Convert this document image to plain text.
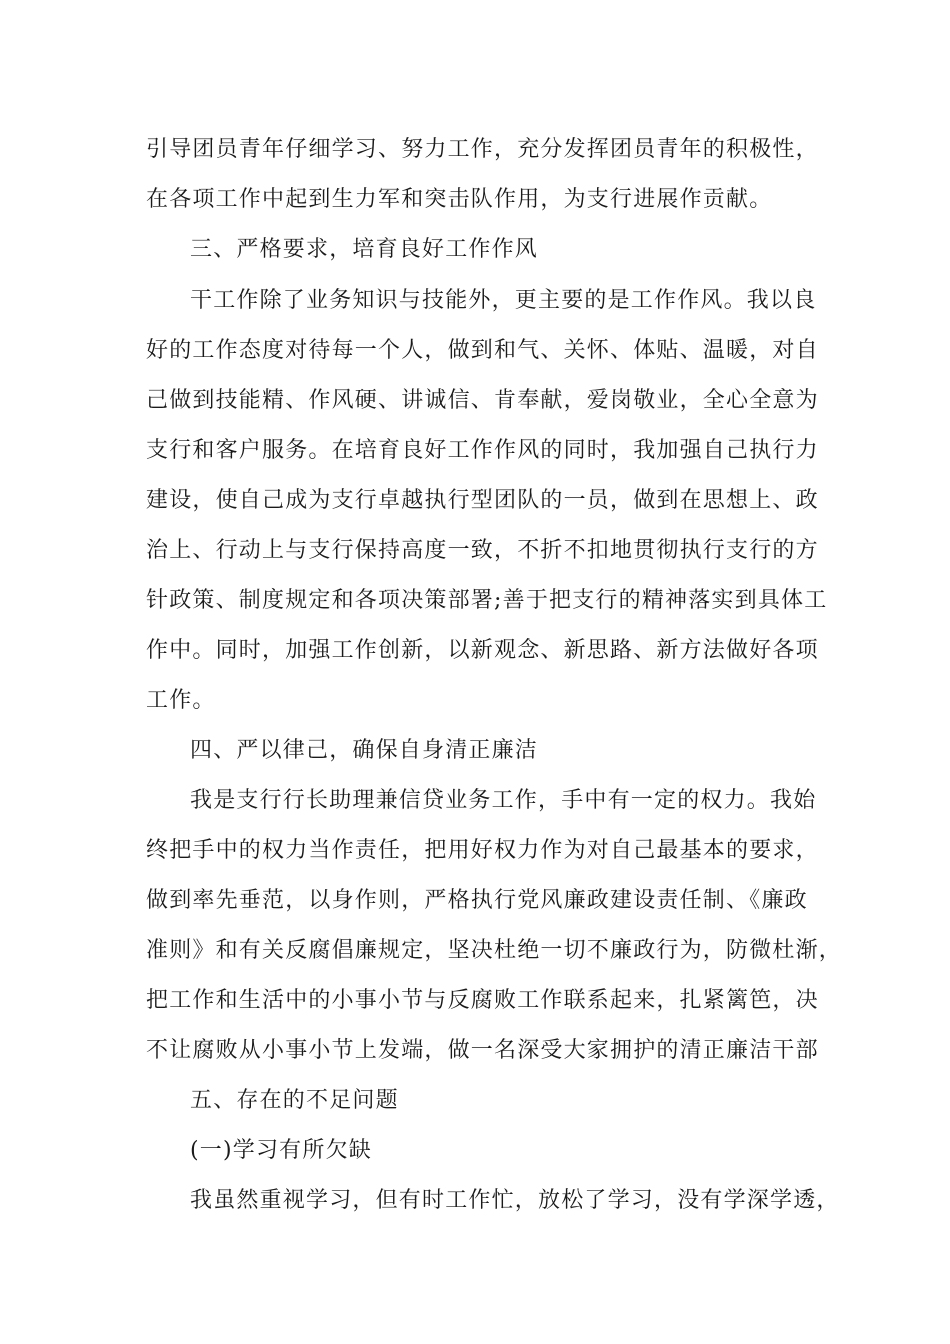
引导团员青年仔细学习、努力工作，充分发挥团员青年的积极性，
在各项工作中起到生力军和突击队作用，为支行进展作贡献。
三、严格要求，培育良好工作作风
干工作除了业务知识与技能外，更主要的是工作作风。我以良
好的工作态度对待每一个人，做到和气、关怀、体贴、温暖，对自
己做到技能精、作风硬、讲诚信、肯奉献，爱岗敬业，全心全意为
支行和客户服务。在培育良好工作作风的同时，我加强自己执行力
建设，使自己成为支行卓越执行型团队的一员，做到在思想上、政
治上、行动上与支行保持高度一致，不折不扣地贯彻执行支行的方
针政策、制度规定和各项决策部署;善于把支行的精神落实到具体工
作中。同时，加强工作创新，以新观念、新思路、新方法做好各项
工作。
四、严以律己，确保自身清正廉洁
我是支行行长助理兼信贷业务工作，手中有一定的权力。我始
终把手中的权力当作责任，把用好权力作为对自己最基本的要求，
做到率先垂范，以身作则，严格执行党风廉政建设责任制、《廉政
准则》和有关反腐倡廉规定，坚决杜绝一切不廉政行为，防微杜渐，
把工作和生活中的小事小节与反腐败工作联系起来，扎紧篱笆，决
不让腐败从小事小节上发端，做一名深受大家拥护的清正廉洁干部
五、存在的不足问题
(一)学习有所欠缺
我虽然重视学习，但有时工作忙，放松了学习，没有学深学透，
